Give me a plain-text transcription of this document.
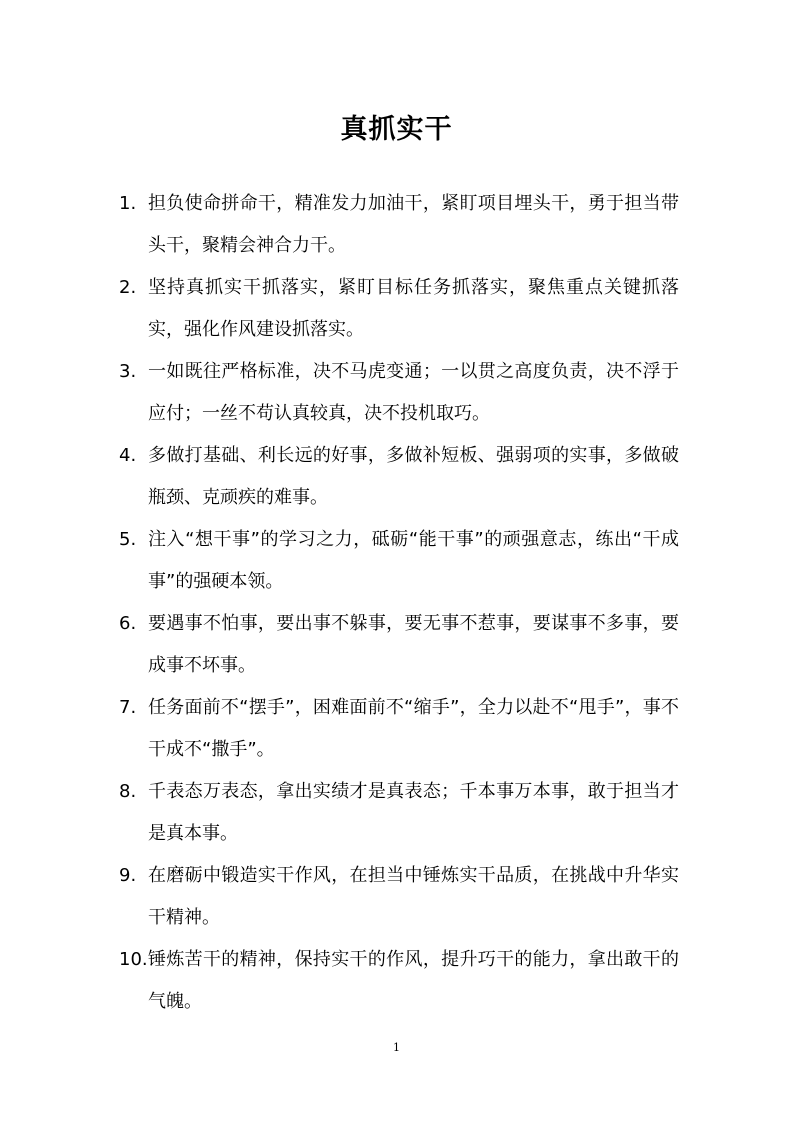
真抓实干
1. 担负使命拼命干，精准发力加油干，紧盯项目埋头干，勇于担当带头干，聚精会神合力干。
2. 坚持真抓实干抓落实，紧盯目标任务抓落实，聚焦重点关键抓落实，强化作风建设抓落实。
3. 一如既往严格标准，决不马虎变通；一以贯之高度负责，决不浮于应付；一丝不苟认真较真，决不投机取巧。
4. 多做打基础、利长远的好事，多做补短板、强弱项的实事，多做破瓶颈、克顽疾的难事。
5. 注入“想干事”的学习之力，砥砺“能干事”的顽强意志，练出“干成事”的强硬本领。
6. 要遇事不怕事，要出事不躲事，要无事不惹事，要谋事不多事，要成事不坏事。
7. 任务面前不“摆手”，困难面前不“缩手”，全力以赴不“甩手”，事不干成不“撒手”。
8. 千表态万表态，拿出实绩才是真表态；千本事万本事，敢于担当才是真本事。
9. 在磨砺中锻造实干作风，在担当中锤炼实干品质，在挑战中升华实干精神。
10. 锤炼苦干的精神，保持实干的作风，提升巧干的能力，拿出敢干的气魄。
1
